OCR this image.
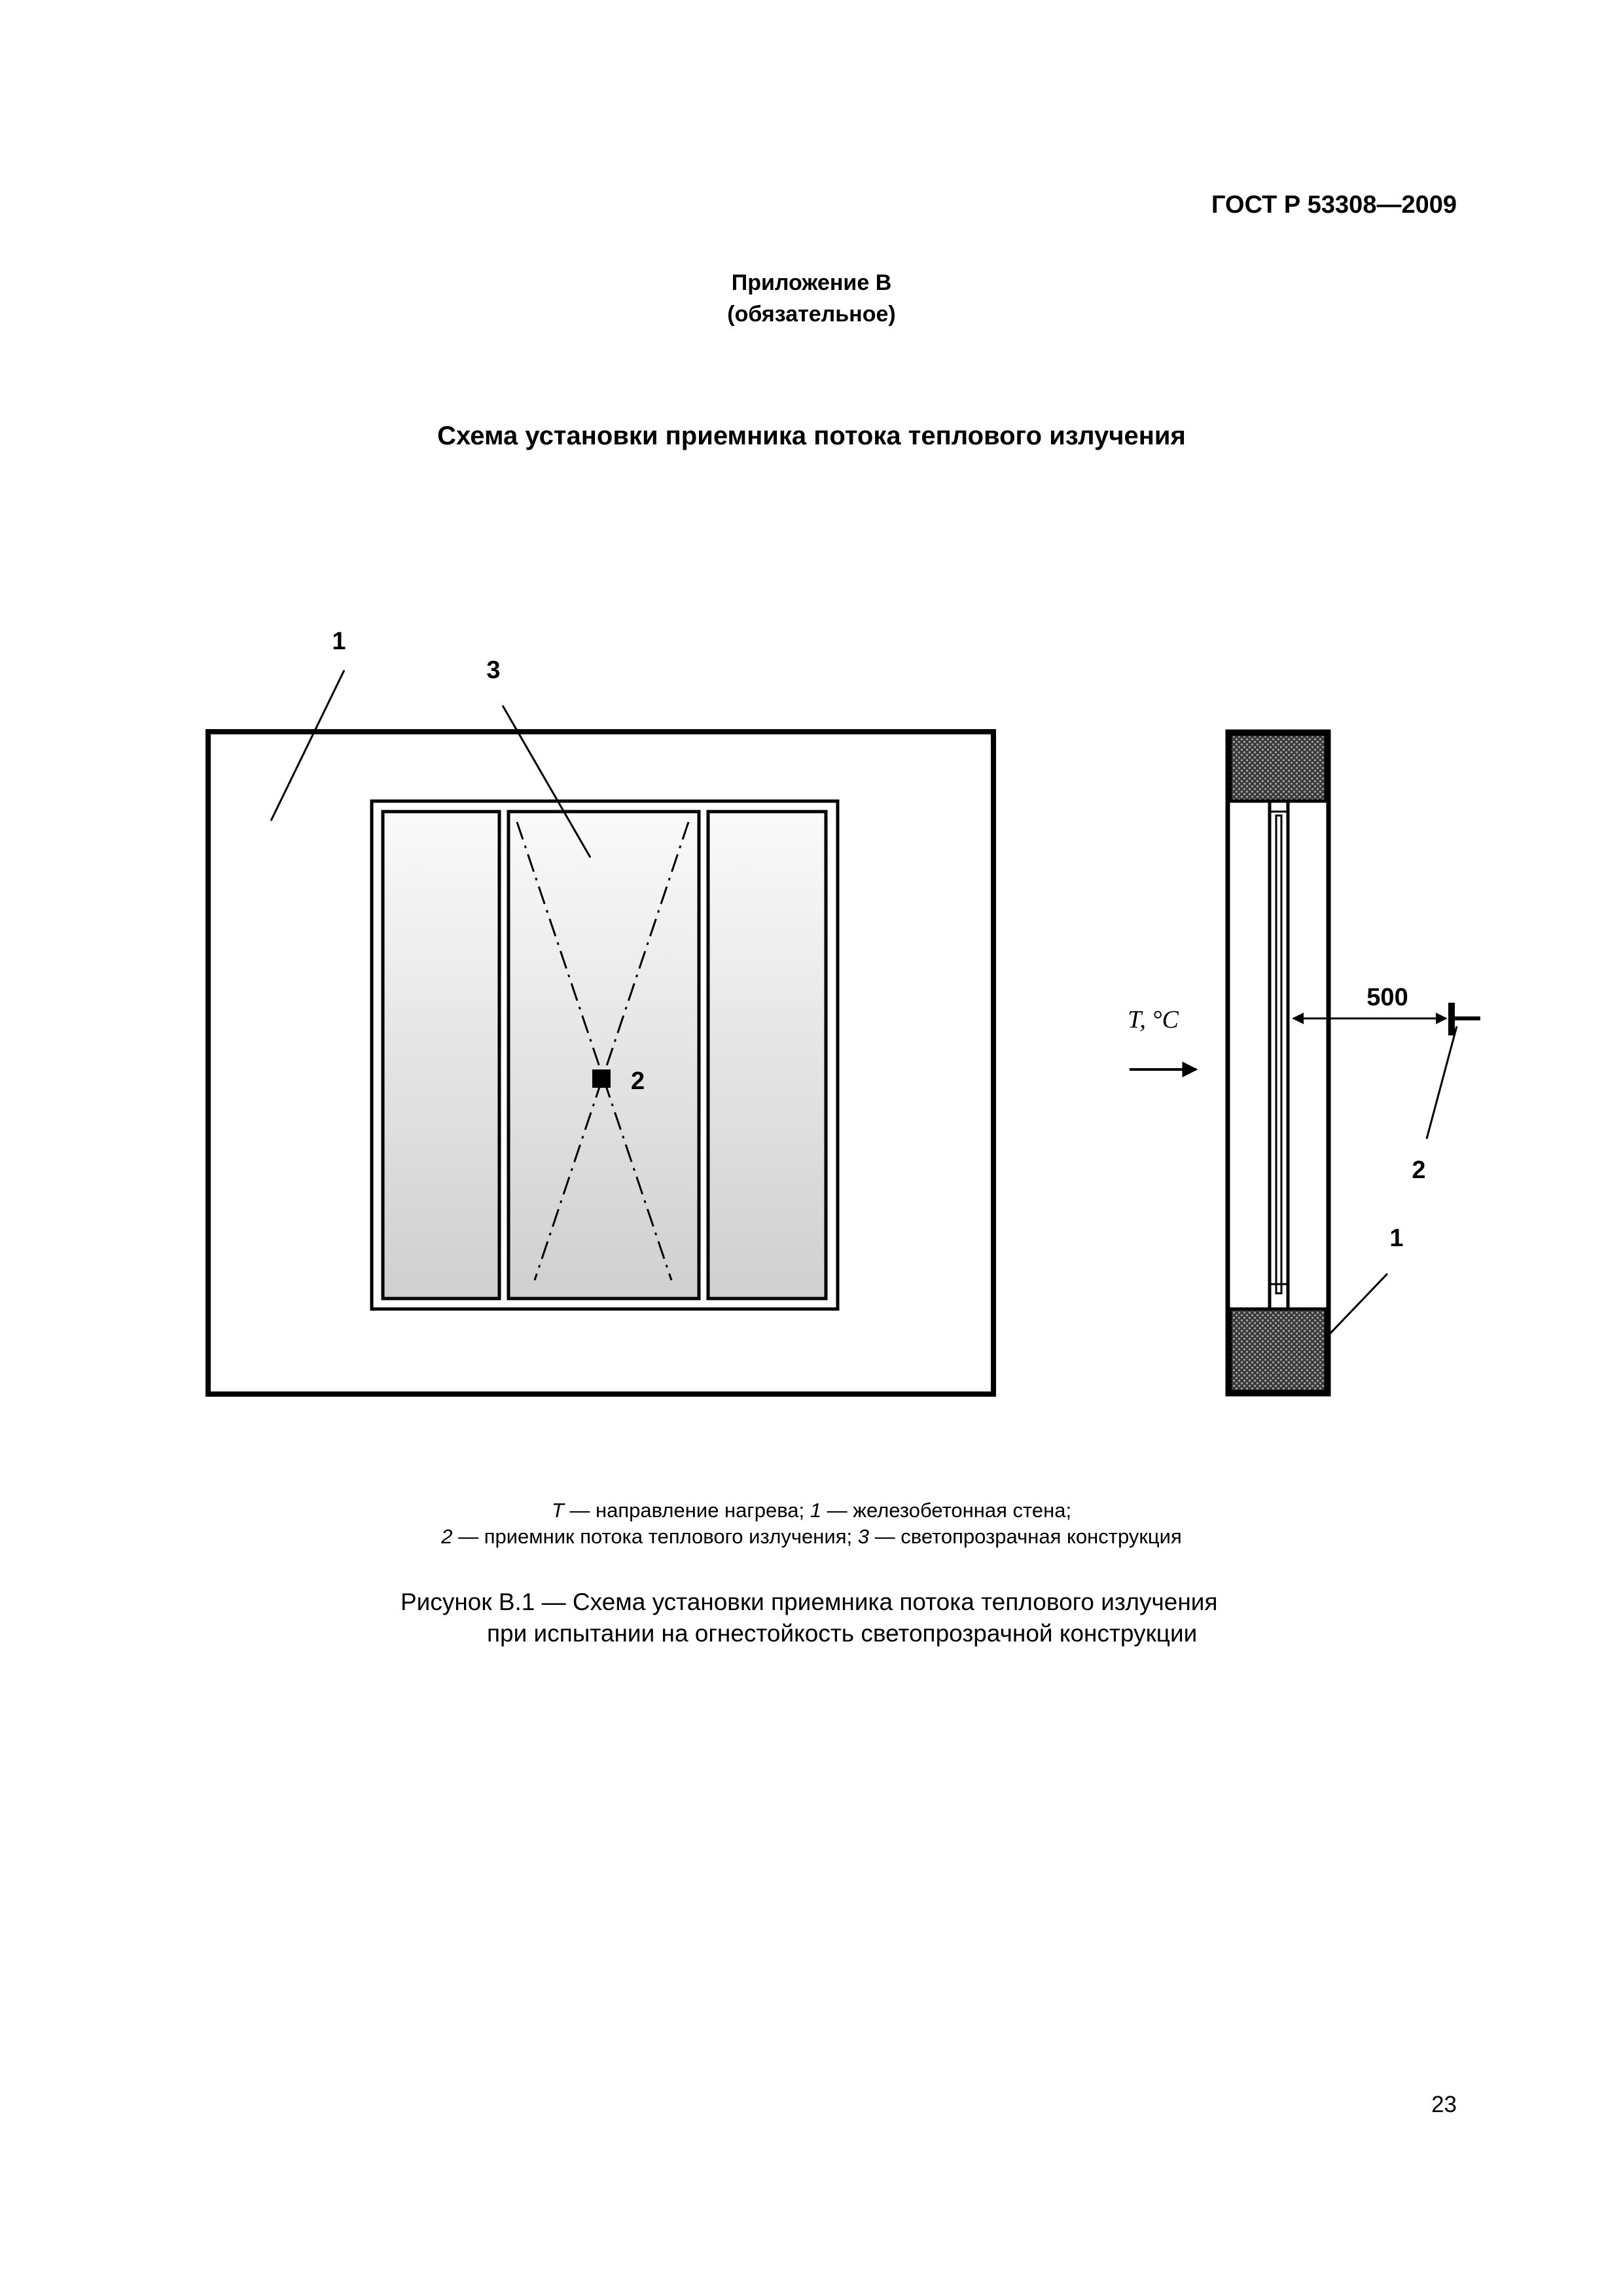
ГОСТ Р 53308—2009
Приложение В
(обязательное)
Схема установки приемника потока теплового излучения
1
3
2
500
2
1
T, °C
T — направление нагрева; 1 — железобетонная стена;
2 — приемник потока теплового излучения; 3 — светопрозрачная конструкция
Рисунок В.1 — Схема установки приемника потока теплового излучения
при испытании на огнестойкость светопрозрачной конструкции
23
